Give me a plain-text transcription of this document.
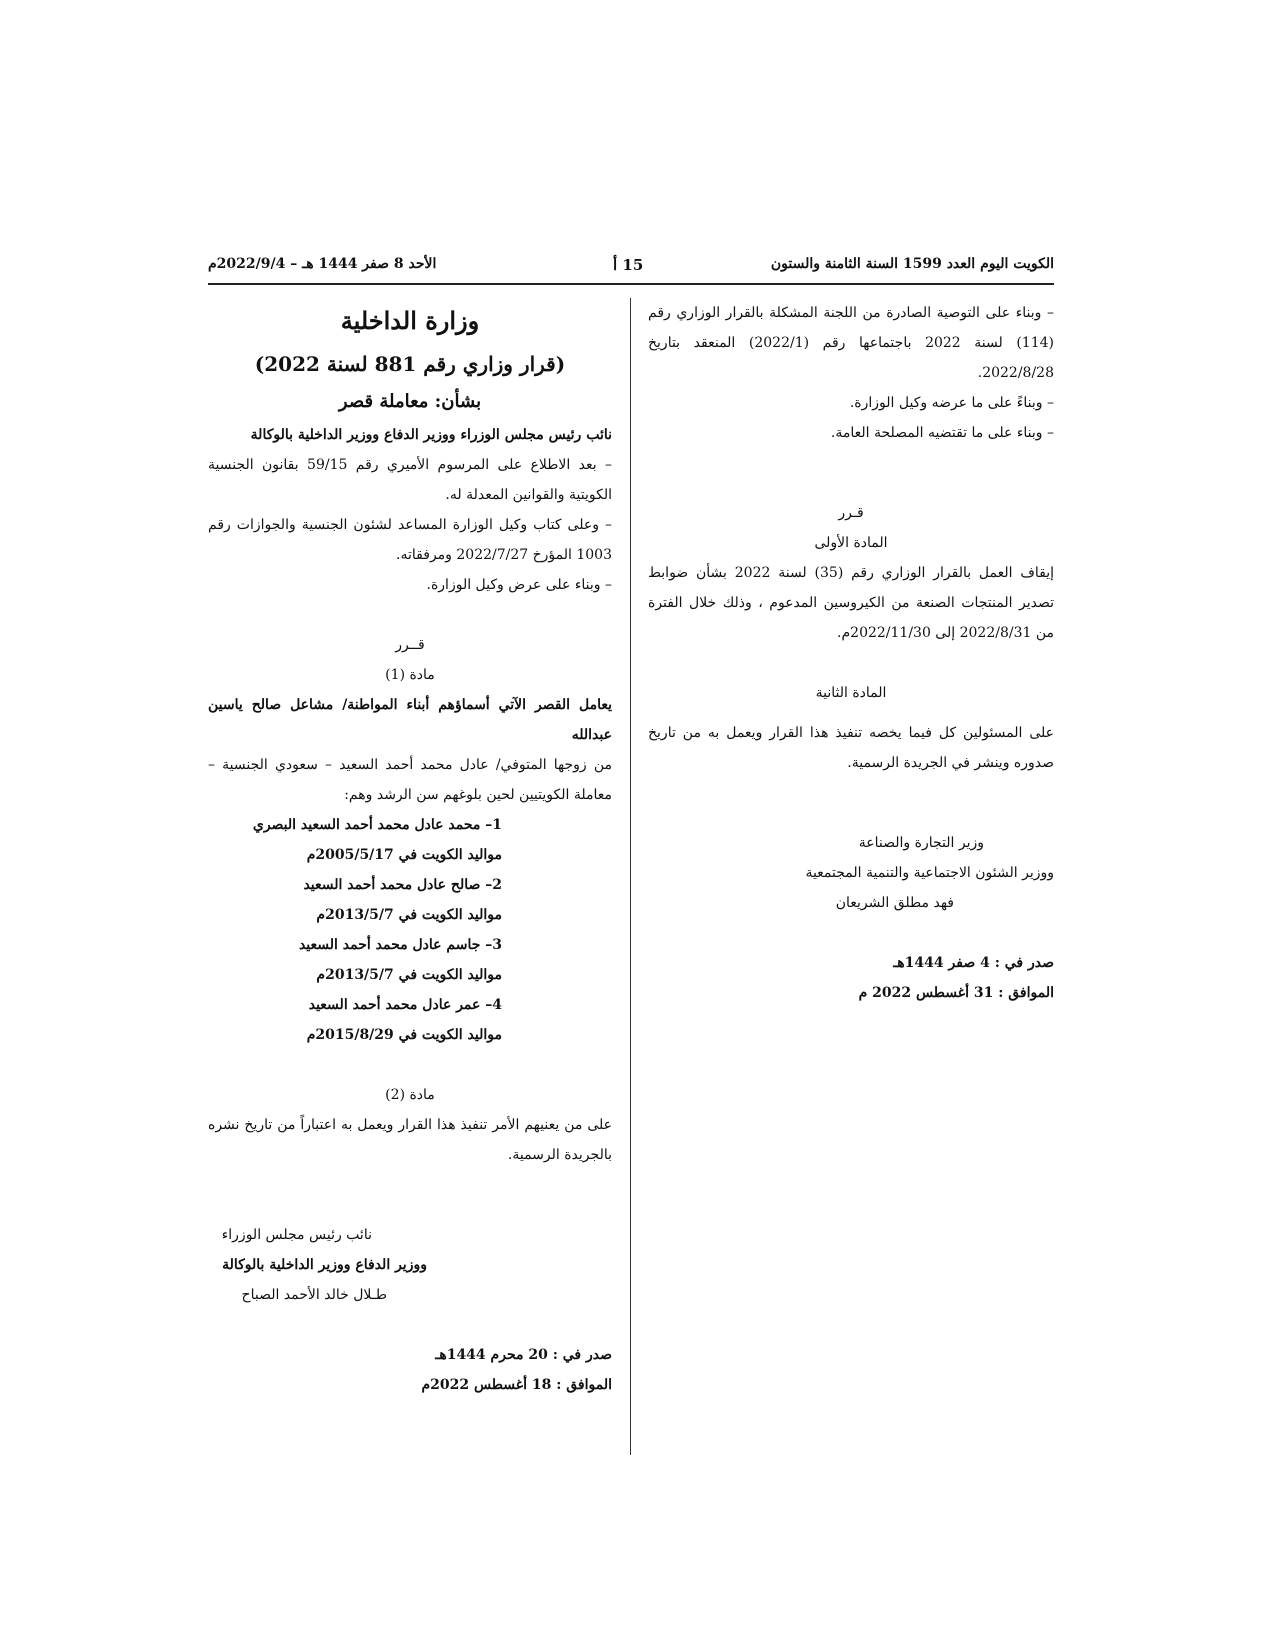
الكويت اليوم العدد 1599 السنة الثامنة والستون
15 أ
الأحد 8 صفر 1444 هـ – 2022/9/4م

– وبناء على التوصية الصادرة من اللجنة المشكلة بالقرار الوزاري رقم (114) لسنة 2022 باجتماعها رقم (2022/1) المنعقد بتاريخ 2022/8/28.

– وبناءً على ما عرضه وكيل الوزارة.

– وبناء على ما تقتضيه المصلحة العامة.

قـرر

المادة الأولى

إيقاف العمل بالقرار الوزاري رقم (35) لسنة 2022 بشأن ضوابط تصدير المنتجات الصنعة من الكيروسين المدعوم ، وذلك خلال الفترة من 2022/8/31 إلى 2022/11/30م.

المادة الثانية

على المسئولين كل فيما يخصه تنفيذ هذا القرار ويعمل به من تاريخ صدوره وينشر في الجريدة الرسمية.

وزير التجارة والصناعة

ووزير الشئون الاجتماعية والتنمية المجتمعية

فهد مطلق الشريعان

صدر في : 4 صفر 1444هـ

الموافق : 31 أغسطس 2022 م

وزارة الداخلية

(قرار وزاري رقم 881 لسنة 2022)

بشأن: معاملة قصر

نائب رئيس مجلس الوزراء ووزير الدفاع ووزير الداخلية بالوكالة

– بعد الاطلاع على المرسوم الأميري رقم 59/15 بقانون الجنسية الكويتية والقوانين المعدلة له.

– وعلى كتاب وكيل الوزارة المساعد لشئون الجنسية والجوازات رقم 1003 المؤرخ 2022/7/27 ومرفقاته.

– وبناء على عرض وكيل الوزارة.

قــرر

مادة (1)

يعامل القصر الآتي أسماؤهم أبناء المواطنة/ مشاعل صالح ياسين عبدالله

من زوجها المتوفي/ عادل محمد أحمد السعيد – سعودي الجنسية – معاملة الكويتيين لحين بلوغهم سن الرشد وهم:

1– محمد عادل محمد أحمد السعيد البصري

مواليد الكويت في 2005/5/17م

2– صالح عادل محمد أحمد السعيد

مواليد الكويت في 2013/5/7م

3– جاسم عادل محمد أحمد السعيد

مواليد الكويت في 2013/5/7م

4– عمر عادل محمد أحمد السعيد

مواليد الكويت في 2015/8/29م

مادة (2)

على من يعنيهم الأمر تنفيذ هذا القرار ويعمل به اعتباراً من تاريخ نشره بالجريدة الرسمية.

نائب رئيس مجلس الوزراء

ووزير الدفاع ووزير الداخلية بالوكالة

طـلال خالد الأحمد الصباح

صدر في : 20 محرم 1444هـ

الموافق : 18 أغسطس 2022م
